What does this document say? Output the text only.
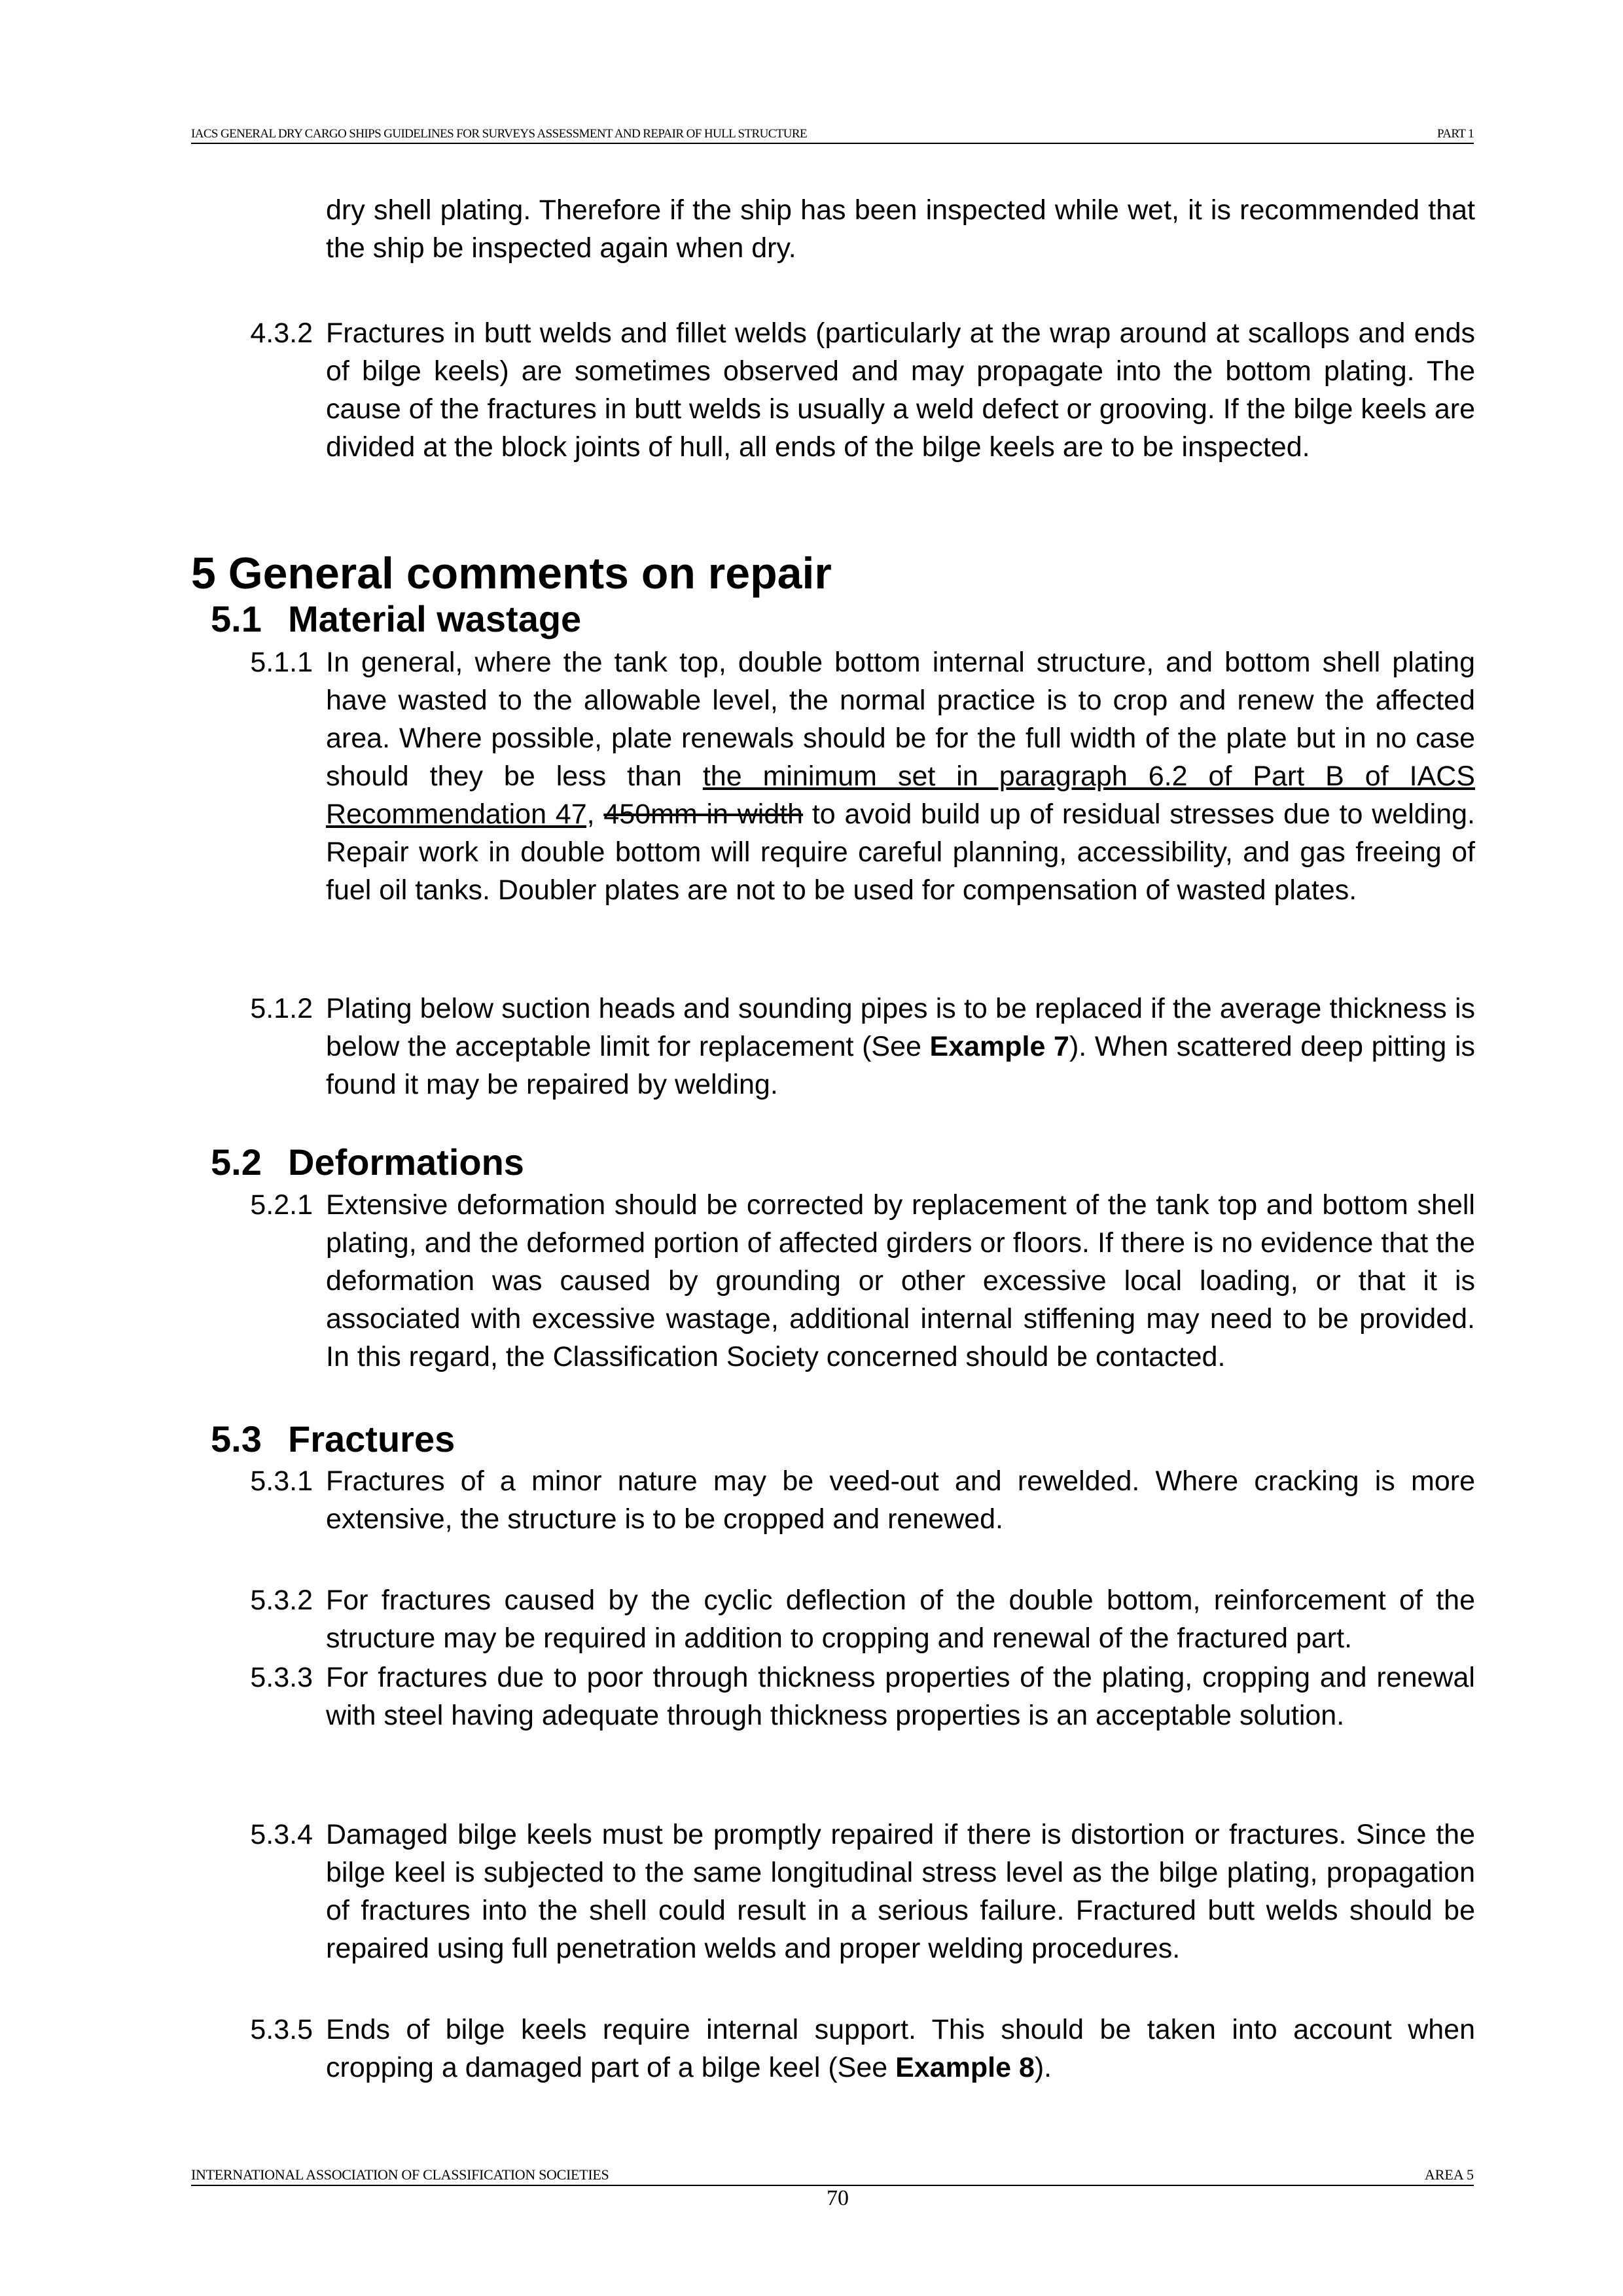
IACS GENERAL DRY CARGO SHIPS GUIDELINES FOR SURVEYS ASSESSMENT AND REPAIR OF HULL STRUCTURE	PART 1
dry shell plating. Therefore if the ship has been inspected while wet, it is recommended that the ship be inspected again when dry.
4.3.2 Fractures in butt welds and fillet welds (particularly at the wrap around at scallops and ends of bilge keels) are sometimes observed and may propagate into the bottom plating. The cause of the fractures in butt welds is usually a weld defect or grooving. If the bilge keels are divided at the block joints of hull, all ends of the bilge keels are to be inspected.
5 General comments on repair
5.1 Material wastage
5.1.1 In general, where the tank top, double bottom internal structure, and bottom shell plating have wasted to the allowable level, the normal practice is to crop and renew the affected area. Where possible, plate renewals should be for the full width of the plate but in no case should they be less than the minimum set in paragraph 6.2 of Part B of IACS Recommendation 47, 450mm in width to avoid build up of residual stresses due to welding. Repair work in double bottom will require careful planning, accessibility, and gas freeing of fuel oil tanks. Doubler plates are not to be used for compensation of wasted plates.
5.1.2 Plating below suction heads and sounding pipes is to be replaced if the average thickness is below the acceptable limit for replacement (See Example 7). When scattered deep pitting is found it may be repaired by welding.
5.2 Deformations
5.2.1 Extensive deformation should be corrected by replacement of the tank top and bottom shell plating, and the deformed portion of affected girders or floors. If there is no evidence that the deformation was caused by grounding or other excessive local loading, or that it is associated with excessive wastage, additional internal stiffening may need to be provided. In this regard, the Classification Society concerned should be contacted.
5.3 Fractures
5.3.1 Fractures of a minor nature may be veed-out and rewelded. Where cracking is more extensive, the structure is to be cropped and renewed.
5.3.2 For fractures caused by the cyclic deflection of the double bottom, reinforcement of the structure may be required in addition to cropping and renewal of the fractured part.
5.3.3 For fractures due to poor through thickness properties of the plating, cropping and renewal with steel having adequate through thickness properties is an acceptable solution.
5.3.4 Damaged bilge keels must be promptly repaired if there is distortion or fractures. Since the bilge keel is subjected to the same longitudinal stress level as the bilge plating, propagation of fractures into the shell could result in a serious failure. Fractured butt welds should be repaired using full penetration welds and proper welding procedures.
5.3.5 Ends of bilge keels require internal support. This should be taken into account when cropping a damaged part of a bilge keel (See Example 8).
INTERNATIONAL ASSOCIATION OF CLASSIFICATION SOCIETIES	AREA 5
70
